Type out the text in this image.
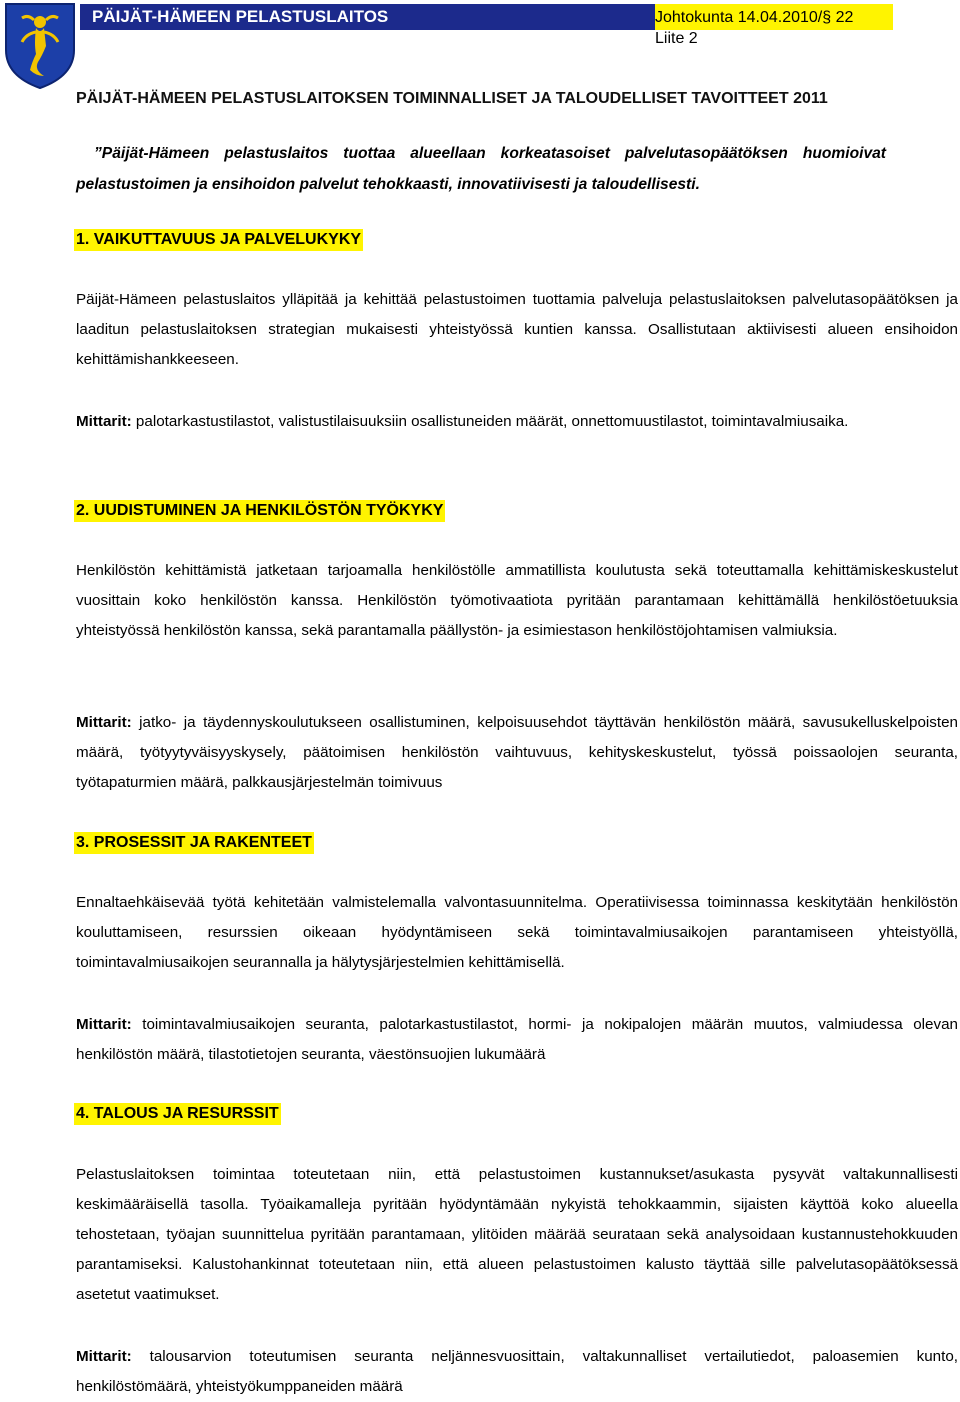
PÄIJÄT-HÄMEEN PELASTUSLAITOS	Johtokunta 14.04.2010/§ 22
Liite 2
PÄIJÄT-HÄMEEN PELASTUSLAITOKSEN TOIMINNALLISET JA TALOUDELLISET TAVOITTEET 2011
”Päijät-Hämeen pelastuslaitos tuottaa alueellaan korkeatasoiset palvelutasopäätöksen huomioivat pelastustoimen ja ensihoidon palvelut tehokkaasti, innovatiivisesti ja taloudellisesti.
1. VAIKUTTAVUUS JA PALVELUKYKY
Päijät-Hämeen pelastuslaitos ylläpitää ja kehittää pelastustoimen tuottamia palveluja pelastuslaitoksen palvelutasopäätöksen ja laaditun pelastuslaitoksen strategian mukaisesti yhteistyössä kuntien kanssa. Osallistutaan aktiivisesti alueen ensihoidon kehittämishankkeeseen.
Mittarit: palotarkastustilastot, valistustilaisuuksiin osallistuneiden määrät, onnettomuustilastot, toimintavalmiusaika.
2. UUDISTUMINEN JA HENKILÖSTÖN TYÖKYKY
Henkilöstön kehittämistä jatketaan tarjoamalla henkilöstölle ammatillista koulutusta sekä toteuttamalla kehittämiskeskustelut vuosittain koko henkilöstön kanssa. Henkilöstön työmotivaatiota pyritään parantamaan kehittämällä henkilöstöetuuksia yhteistyössä henkilöstön kanssa, sekä parantamalla päällystön- ja esimiestason henkilöstöjohtamisen valmiuksia.
Mittarit: jatko- ja täydennyskoulutukseen osallistuminen, kelpoisuusehdot täyttävän henkilöstön määrä, savusukelluskelpoisten määrä, työtyytyväisyyskysely, päätoimisen henkilöstön vaihtuvuus, kehityskeskustelut, työssä poissaolojen seuranta, työtapaturmien määrä, palkkausjärjestelmän toimivuus
3. PROSESSIT JA RAKENTEET
Ennaltaehkäisevää työtä kehitetään valmistelemalla valvontasuunnitelma. Operatiivisessa toiminnassa keskitytään henkilöstön kouluttamiseen, resurssien oikeaan hyödyntämiseen sekä toimintavalmiusaikojen parantamiseen yhteistyöllä, toimintavalmiusaikojen seurannalla ja hälytysjärjestelmien kehittämisellä.
Mittarit: toimintavalmiusaikojen seuranta, palotarkastustilastot, hormi- ja nokipalojen määrän muutos, valmiudessa olevan henkilöstön määrä, tilastotietojen seuranta, väestönsuojien lukumäärä
4. TALOUS JA RESURSSIT
Pelastuslaitoksen toimintaa toteutetaan niin, että pelastustoimen kustannukset/asukasta pysyvät valtakunnallisesti keskimääräisellä tasolla. Työaikamalleja pyritään hyödyntämään nykyistä tehokkaammin, sijaisten käyttöä koko alueella tehostetaan, työajan suunnittelua pyritään parantamaan, ylitöiden määrää seurataan sekä analysoidaan kustannustehokkuuden parantamiseksi. Kalustohankinnat toteutetaan niin, että alueen pelastustoimen kalusto täyttää sille palvelutasopäätöksessä asetetut vaatimukset.
Mittarit: talousarvion toteutumisen seuranta neljännesvuosittain, valtakunnalliset vertailutiedot, paloasemien kunto, henkilöstömäärä, yhteistyökumppaneiden määrä
